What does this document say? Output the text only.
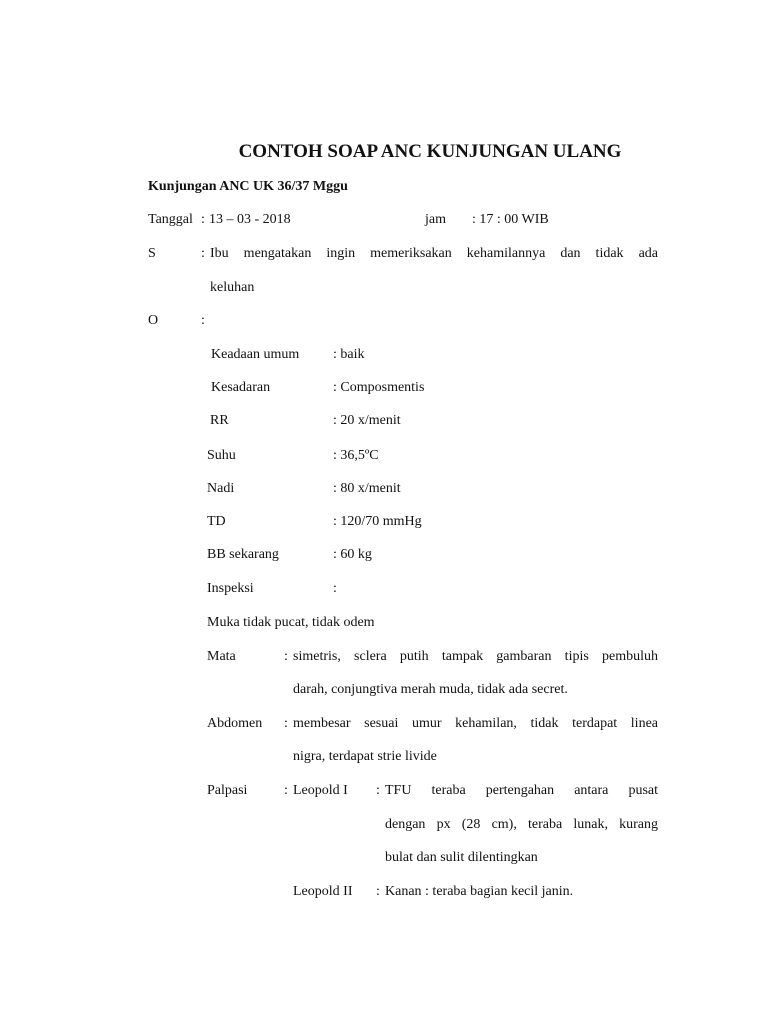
CONTOH SOAP ANC KUNJUNGAN ULANG
Kunjungan ANC UK 36/37 Mggu
Tanggal : 13 – 03 - 2018	jam : 17 : 00 WIB
S	: Ibu mengatakan ingin memeriksakan kehamilannya dan tidak ada
keluhan
O	:
Keadaan umum : baik
Kesadaran	: Composmentis
RR	: 20 x/menit
Suhu	: 36,5ºC
Nadi	: 80 x/menit
TD	: 120/70 mmHg
BB sekarang	: 60 kg
Inspeksi	:
Muka tidak pucat, tidak odem
Mata	: simetris, sclera putih tampak gambaran tipis pembuluh
darah, conjungtiva merah muda, tidak ada secret.
Abdomen : membesar sesuai umur kehamilan, tidak terdapat linea
nigra, terdapat strie livide
Palpasi	: Leopold I : TFU teraba pertengahan antara pusat
dengan px (28 cm), teraba lunak, kurang
bulat dan sulit dilentingkan
Leopold II : Kanan : teraba bagian kecil janin.
